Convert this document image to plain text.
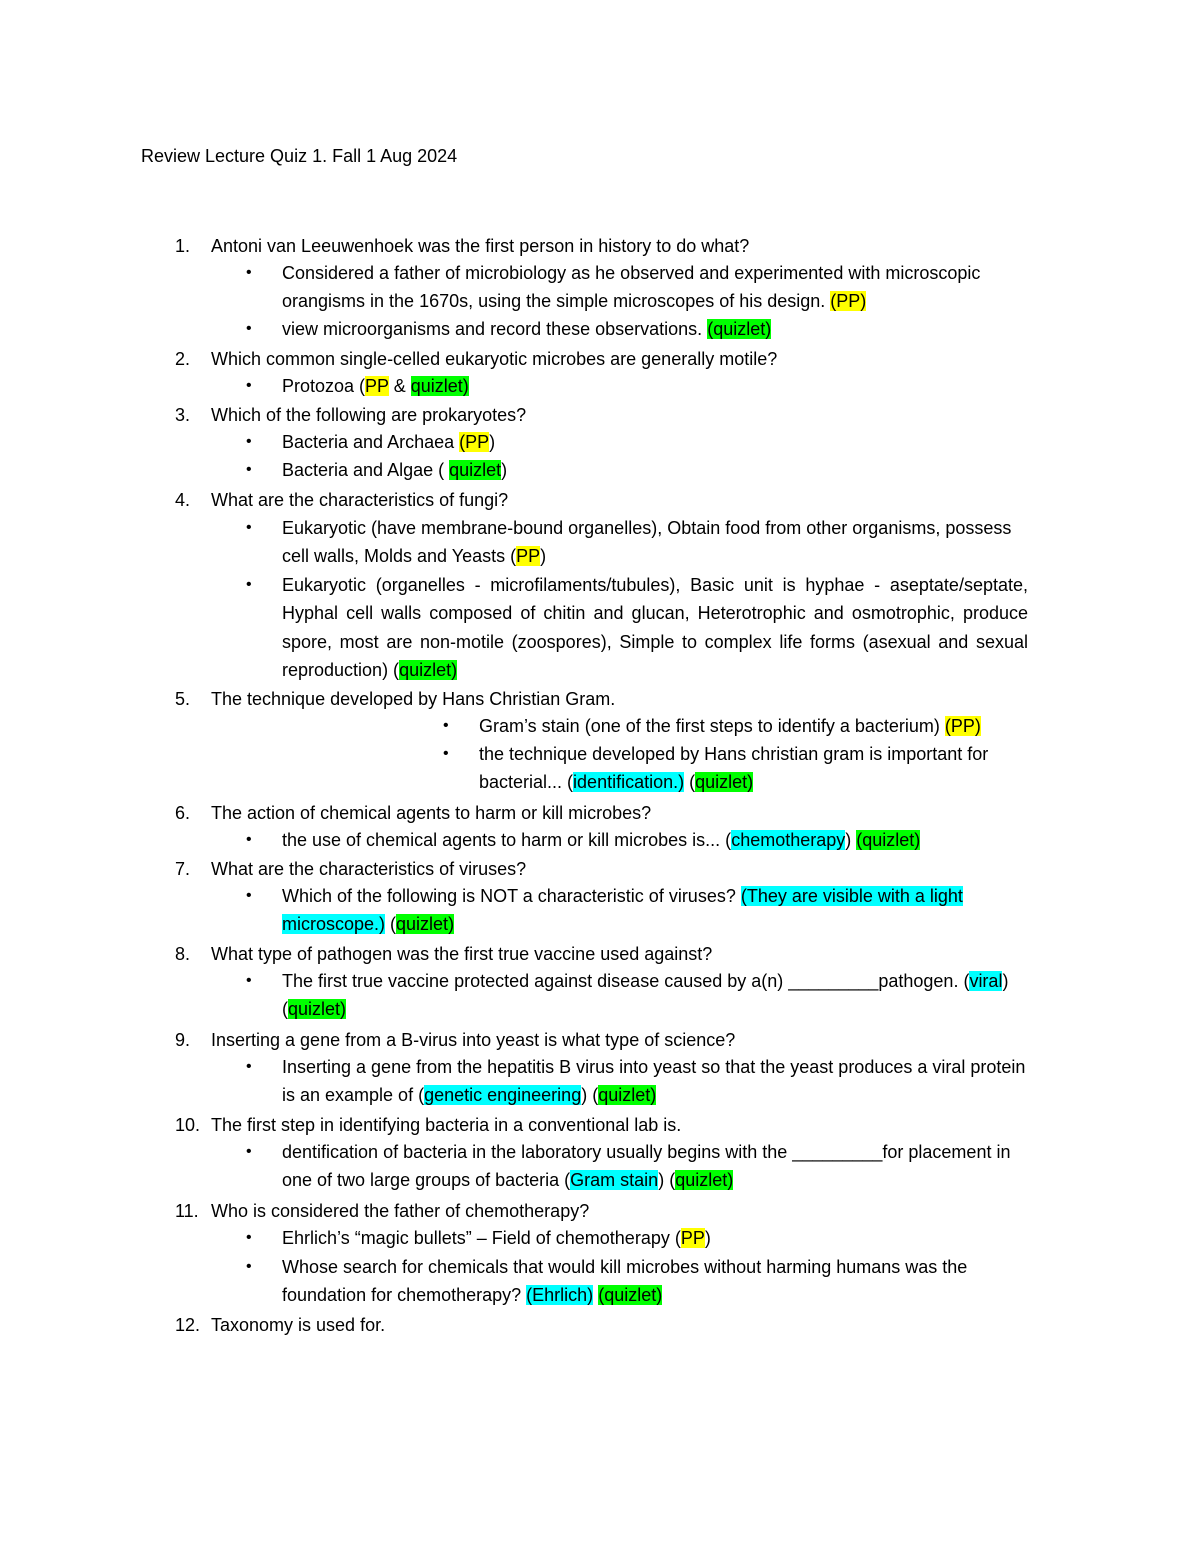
Review Lecture Quiz 1. Fall 1 Aug 2024
1. Antoni van Leeuwenhoek was the first person in history to do what?
•	Considered a father of microbiology as he observed and experimented with microscopic orangisms in the 1670s, using the simple microscopes of his design. (PP)
•	view microorganisms and record these observations. (quizlet)
2. Which common single-celled eukaryotic microbes are generally motile?
•	Protozoa (PP & quizlet)
3. Which of the following are prokaryotes?
•	Bacteria and Archaea (PP)
•	Bacteria and Algae ( quizlet)
4. What are the characteristics of fungi?
•	Eukaryotic (have membrane-bound organelles), Obtain food from other organisms, possess cell walls, Molds and Yeasts (PP)
•	Eukaryotic (organelles - microfilaments/tubules), Basic unit is hyphae - aseptate/septate, Hyphal cell walls composed of chitin and glucan, Heterotrophic and osmotrophic, produce spore, most are non-motile (zoospores), Simple to complex life forms (asexual and sexual reproduction) (quizlet)
5. The technique developed by Hans Christian Gram.
•	Gram’s stain (one of the first steps to identify a bacterium) (PP)
•	the technique developed by Hans christian gram is important for bacterial... (identification.) (quizlet)
6. The action of chemical agents to harm or kill microbes?
•	the use of chemical agents to harm or kill microbes is... (chemotherapy) (quizlet)
7. What are the characteristics of viruses?
•	Which of the following is NOT a characteristic of viruses? (They are visible with a light microscope.) (quizlet)
8. What type of pathogen was the first true vaccine used against?
•	The first true vaccine protected against disease caused by a(n) _________pathogen. (viral) (quizlet)
9. Inserting a gene from a B-virus into yeast is what type of science?
•	Inserting a gene from the hepatitis B virus into yeast so that the yeast produces a viral protein is an example of (genetic engineering) (quizlet)
10. The first step in identifying bacteria in a conventional lab is.
•	dentification of bacteria in the laboratory usually begins with the _________for placement in one of two large groups of bacteria (Gram stain) (quizlet)
11. Who is considered the father of chemotherapy?
•	Ehrlich’s “magic bullets” – Field of chemotherapy (PP)
•	Whose search for chemicals that would kill microbes without harming humans was the foundation for chemotherapy? (Ehrlich) (quizlet)
12. Taxonomy is used for.
